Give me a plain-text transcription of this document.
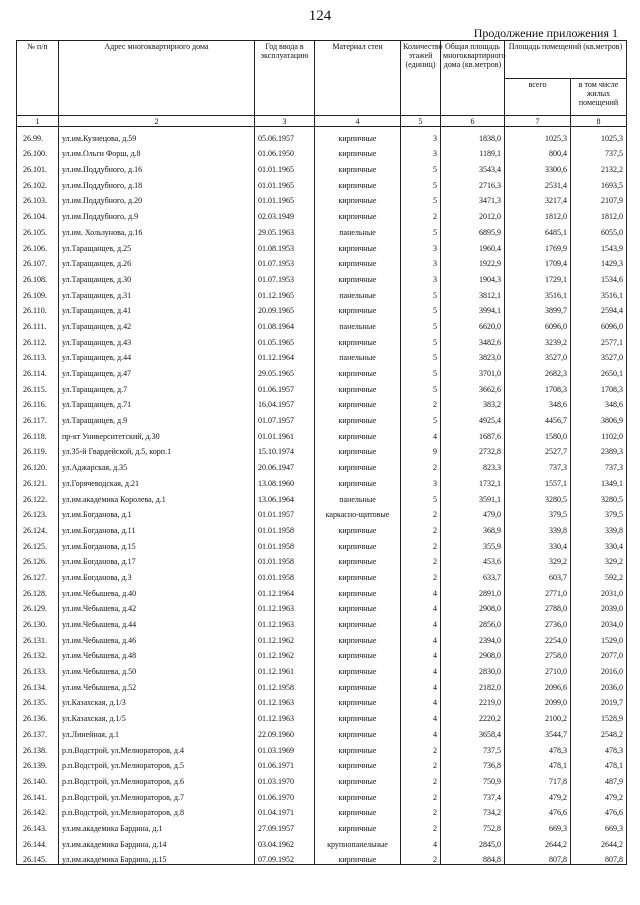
124
Продолжение приложения 1
№ п/п	Адрес многоквартирного дома	Год ввода в эксплуатацию	Материал стен	Количество этажей (единиц)	Общая площадь многоквартирного дома (кв.метров)	Площадь помещений (кв.метров)	
						всего	в том числе жилых помещений
1	2	3	4	5	6	7	8
26.99.	ул.им.Кузнецова, д.59	05.06.1957	кирпичные	3	1838,0	1025,3	1025,3
26.100.	ул.им.Ольги Форш, д.8	01.06.1950	кирпичные	3	1189,1	800,4	737,5
26.101.	ул.им.Поддубного, д.16	01.01.1965	кирпичные	5	3543,4	3300,6	2132,2
26.102.	ул.им.Поддубного, д.18	01.01.1965	кирпичные	5	2716,3	2531,4	1693,5
26.103.	ул.им.Поддубного, д.20	01.01.1965	кирпичные	5	3471,3	3217,4	2107,9
26.104.	ул.им.Поддубного, д.9	02.03.1949	кирпичные	2	2012,0	1812,0	1812,0
26.105.	ул.им. Хользунова, д.16	29.05.1963	панельные	5	6895,9	6485,1	6055,0
26.106.	ул.Таращанцев, д.25	01.08.1953	кирпичные	3	1960,4	1769,9	1543,9
26.107.	ул.Таращанцев, д.26	01.07.1953	кирпичные	3	1922,9	1709,4	1429,3
26.108.	ул.Таращанцев, д.30	01.07.1953	кирпичные	3	1904,3	1729,1	1534,6
26.109.	ул.Таращанцев, д.31	01.12.1965	панельные	5	3812,1	3516,1	3516,1
26.110.	ул.Таращанцев, д.41	20.09.1965	кирпичные	5	3994,1	3899,7	2594,4
26.111.	ул.Таращанцев, д.42	01.08.1964	панельные	5	6620,0	6096,0	6096,0
26.112.	ул.Таращанцев, д.43	01.05.1965	кирпичные	5	3482,6	3239,2	2577,1
26.113.	ул.Таращанцев, д.44	01.12.1964	панельные	5	3823,0	3527,0	3527,0
26.114.	ул.Таращанцев, д.47	29.05.1965	кирпичные	5	3701,0	2682,3	2650,1
26.115.	ул.Таращанцев, д.7	01.06.1957	кирпичные	5	3662,6	1708,3	1708,3
26.116.	ул.Таращанцев, д.71	16.04.1957	кирпичные	2	383,2	348,6	348,6
26.117.	ул.Таращанцев, д.9	01.07.1957	кирпичные	5	4925,4	4456,7	3806,9
26.118.	пр-кт Университетский, д.30	01.01.1961	кирпичные	4	1687,6	1580,0	1102,0
26.119.	ул.35-й Гвардейской, д.5, корп.1	15.10.1974	кирпичные	9	2732,8	2527,7	2389,3
26.120.	ул.Аджарская, д.35	20.06.1947	кирпичные	2	823,3	737,3	737,3
26.121.	ул.Горячеводская, д.21	13.08.1960	кирпичные	3	1732,1	1557,1	1349,1
26.122.	ул.им.академика Королева, д.1	13.06.1964	панельные	5	3591,1	3280,5	3280,5
26.123.	ул.им.Богданова, д.1	01.01.1957	каркасно-щитовые	2	479,0	379,5	379,5
26.124.	ул.им.Богданова, д.11	01.01.1958	кирпичные	2	368,9	339,8	339,8
26.125.	ул.им.Богданова, д.15	01.01.1958	кирпичные	2	355,9	330,4	330,4
26.126.	ул.им.Богданова, д.17	01.01.1958	кирпичные	2	453,6	329,2	329,2
26.127.	ул.им.Богданова, д.3	01.01.1958	кирпичные	2	633,7	603,7	592,2
26.128.	ул.им.Чебышева, д.40	01.12.1964	кирпичные	4	2891,0	2771,0	2031,0
26.129.	ул.им.Чебышева, д.42	01.12.1963	кирпичные	4	2908,0	2788,0	2039,0
26.130.	ул.им.Чебышева, д.44	01.12.1963	кирпичные	4	2856,0	2736,0	2034,0
26.131.	ул.им.Чебышева, д.46	01.12.1962	кирпичные	4	2394,0	2254,0	1529,0
26.132.	ул.им.Чебышева, д.48	01.12.1962	кирпичные	4	2908,0	2758,0	2077,0
26.133.	ул.им.Чебышева, д.50	01.12.1961	кирпичные	4	2830,0	2710,0	2016,0
26.134.	ул.им.Чебышева, д.52	01.12.1958	кирпичные	4	2182,0	2096,6	2036,0
26.135.	ул.Казахская, д.1/3	01.12.1963	кирпичные	4	2219,0	2099,0	2019,7
26.136.	ул.Казахская, д.1/5	01.12.1963	кирпичные	4	2220,2	2100,2	1528,9
26.137.	ул.Линейная, д.1	22.09.1960	кирпичные	4	3658,4	3544,7	2548,2
26.138.	р.п.Водстрой, ул.Мелиораторов, д.4	01.03.1969	кирпичные	2	737,5	478,3	478,3
26.139.	р.п.Водстрой, ул.Мелиораторов, д.5	01.06.1971	кирпичные	2	736,8	478,1	478,1
26.140.	р.п.Водстрой, ул.Мелиораторов, д.6	01.03.1970	кирпичные	2	750,9	717,8	487,9
26.141.	р.п.Водстрой, ул.Мелиораторов, д.7	01.06.1970	кирпичные	2	737,4	479,2	479,2
26.142.	р.п.Водстрой, ул.Мелиораторов, д.8	01.04.1971	кирпичные	2	734,2	476,6	476,6
26.143.	ул.им.академика Бардина, д.1	27.09.1957	кирпичные	2	752,8	669,3	669,3
26.144.	ул.им.академика Бардина, д.14	03.04.1962	крупнопанельные	4	2845,0	2644,2	2644,2
26.145.	ул.им.академика Бардина, д.15	07.09.1952	кирпичные	2	884,8	807,8	807,8
